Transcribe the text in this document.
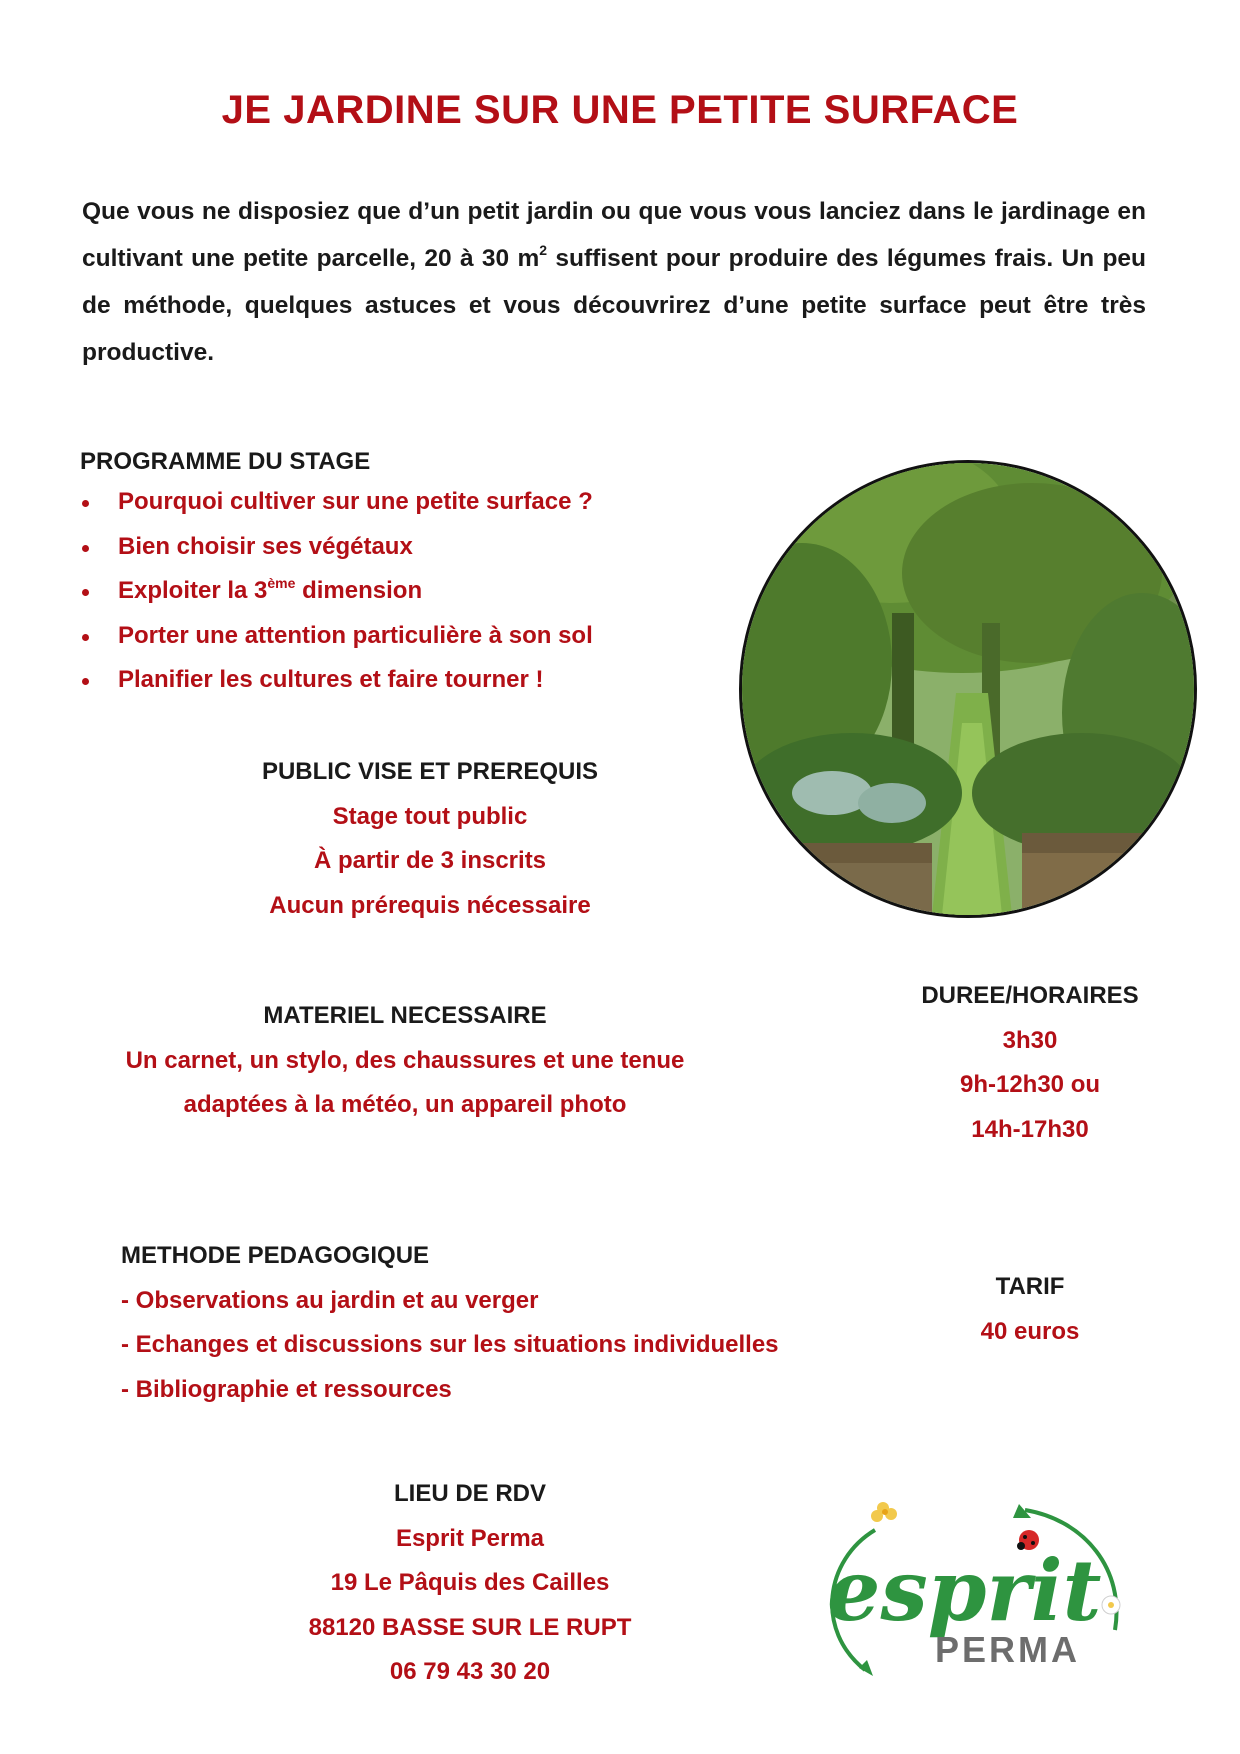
JE JARDINE SUR UNE PETITE SURFACE
Que vous ne disposiez que d’un petit jardin ou que vous vous lanciez dans le jardinage en cultivant une petite parcelle, 20 à 30 $m^2$ suffisent pour produire des légumes frais. Un peu de méthode, quelques astuces et vous découvrirez d’une petite surface peut être très productive.
PROGRAMME DU STAGE
Pourquoi cultiver sur une petite surface ?
Bien choisir ses végétaux
Exploiter la 3ème dimension
Porter une attention particulière à son sol
Planifier les cultures et faire tourner !
PUBLIC VISE ET PREREQUIS
Stage tout public
À partir de 3 inscrits
Aucun prérequis nécessaire
MATERIEL NECESSAIRE
Un carnet, un stylo, des chaussures et une tenue
adaptées à la météo, un appareil photo
DUREE/HORAIRES
3h30
9h-12h30 ou
14h-17h30
METHODE PEDAGOGIQUE
- Observations au jardin et au verger
- Echanges et discussions sur les situations individuelles
- Bibliographie et ressources
TARIF
40 euros
LIEU DE RDV
Esprit Perma
19 Le Pâquis des Cailles
88120 BASSE SUR LE RUPT
06 79 43 30 20
esprit
PERMA
